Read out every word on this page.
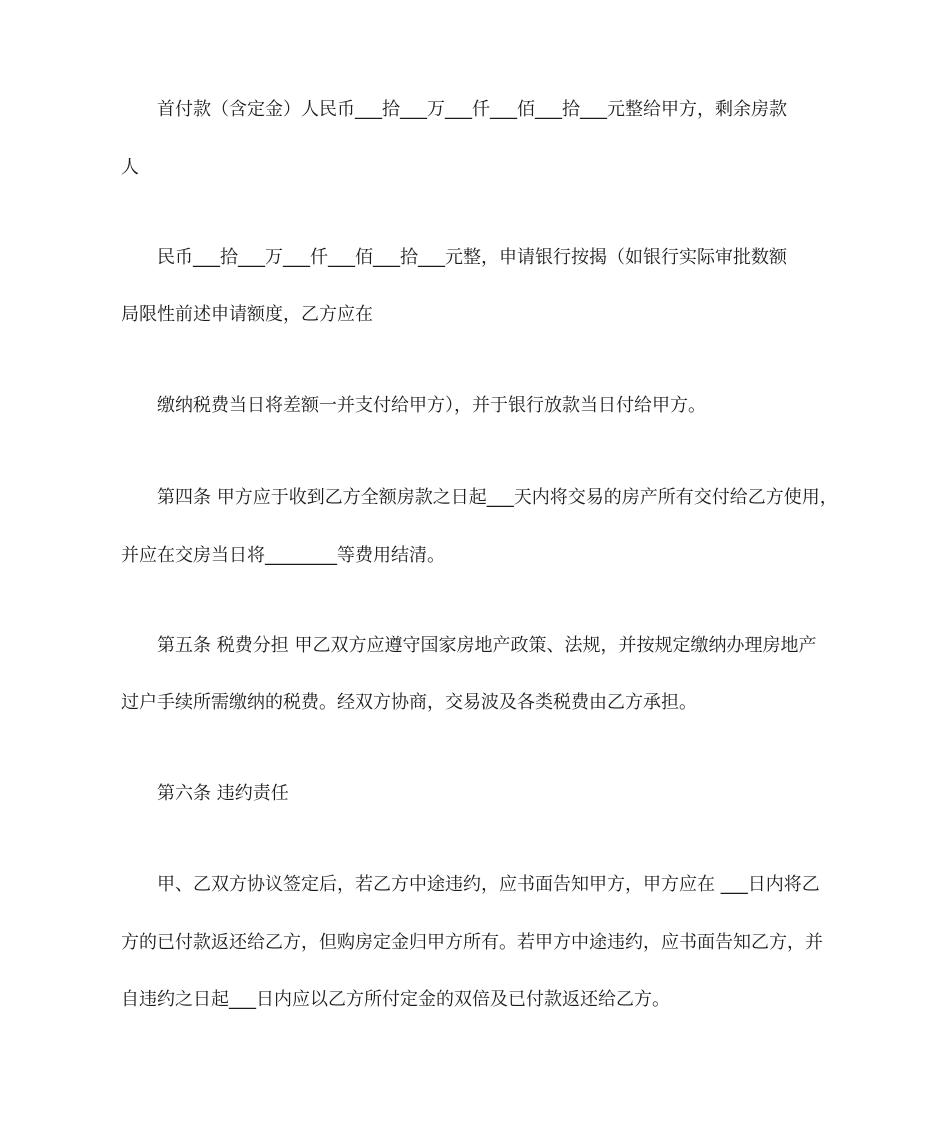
首付款（含定金）人民币___拾___万___仟___佰___拾___元整给甲方，剩余房款
人
民币___拾___万___仟___佰___拾___元整，申请银行按揭（如银行实际审批数额
局限性前述申请额度，乙方应在
缴纳税费当日将差额一并支付给甲方），并于银行放款当日付给甲方。
第四条 甲方应于收到乙方全额房款之日起___天内将交易的房产所有交付给乙方使用，
并应在交房当日将________等费用结清。
第五条 税费分担 甲乙双方应遵守国家房地产政策、法规，并按规定缴纳办理房地产
过户手续所需缴纳的税费。经双方协商，交易波及各类税费由乙方承担。
第六条 违约责任
甲、乙双方协议签定后，若乙方中途违约，应书面告知甲方，甲方应在 ___日内将乙
方的已付款返还给乙方，但购房定金归甲方所有。若甲方中途违约，应书面告知乙方，并
自违约之日起___日内应以乙方所付定金的双倍及已付款返还给乙方。
